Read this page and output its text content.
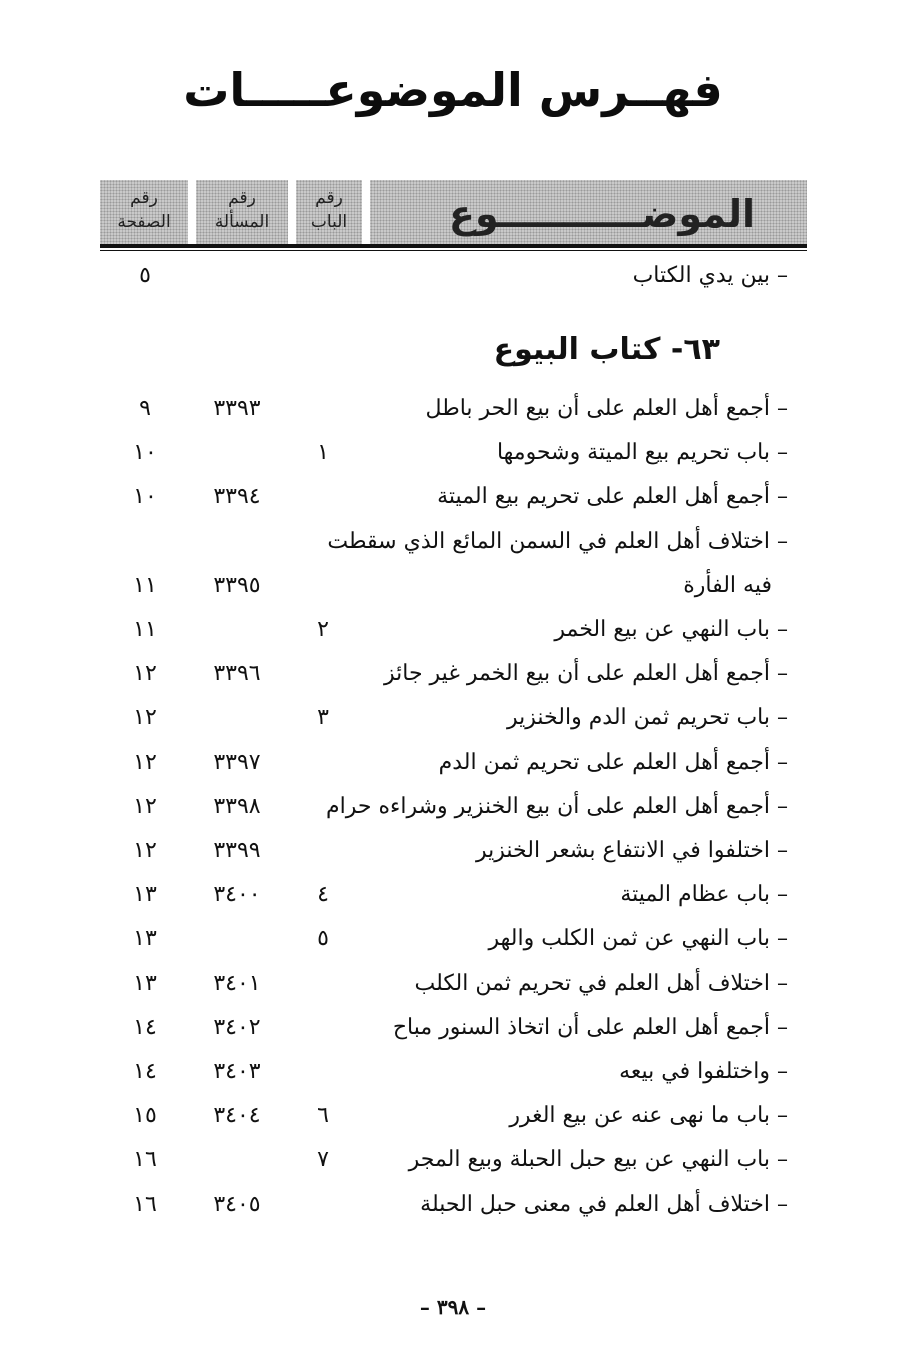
فهــرس الموضوعـــــات
الموضـــــــــــوع
رقم
الباب
رقم
المسألة
رقم
الصفحة
– بين يدي الكتاب
٥
٦٣- كتاب البيوع
– أجمع أهل العلم على أن بيع الحر باطل
٣٣٩٣
٩
– باب تحريم بيع الميتة وشحومها
١
١٠
– أجمع أهل العلم على تحريم بيع الميتة
٣٣٩٤
١٠
– اختلاف أهل العلم في السمن المائع الذي سقطت
فيه الفأرة
٣٣٩٥
١١
– باب النهي عن بيع الخمر
٢
١١
– أجمع أهل العلم على أن بيع الخمر غير جائز
٣٣٩٦
١٢
– باب تحريم ثمن الدم والخنزير
٣
١٢
– أجمع أهل العلم على تحريم ثمن الدم
٣٣٩٧
١٢
– أجمع أهل العلم على أن بيع الخنزير وشراءه حرام
٣٣٩٨
١٢
– اختلفوا في الانتفاع بشعر الخنزير
٣٣٩٩
١٢
– باب عظام الميتة
٤
٣٤٠٠
١٣
– باب النهي عن ثمن الكلب والهر
٥
١٣
– اختلاف أهل العلم في تحريم ثمن الكلب
٣٤٠١
١٣
– أجمع أهل العلم على أن اتخاذ السنور مباح
٣٤٠٢
١٤
– واختلفوا في بيعه
٣٤٠٣
١٤
– باب ما نهى عنه عن بيع الغرر
٦
٣٤٠٤
١٥
– باب النهي عن بيع حبل الحبلة وبيع المجر
٧
١٦
– اختلاف أهل العلم في معنى حبل الحبلة
٣٤٠٥
١٦
– ٣٩٨ –
